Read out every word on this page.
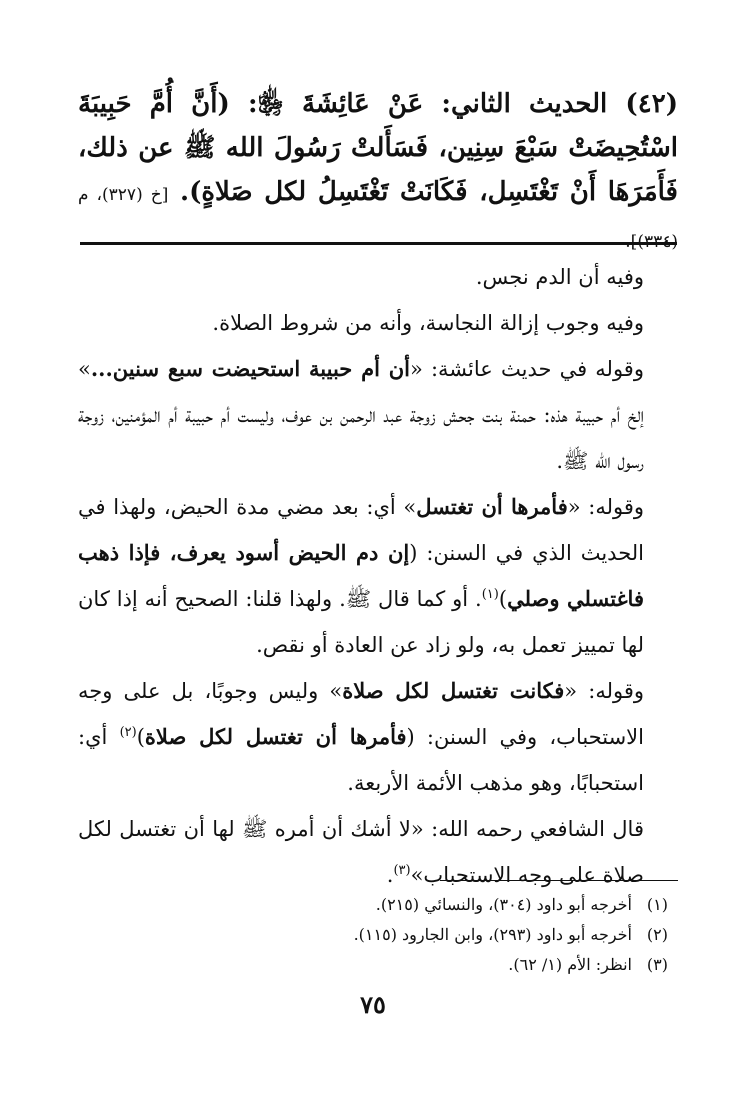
(٤٢) الحديث الثاني: عَنْ عَائِشَةَ ﵂: (أَنَّ أُمَّ حَبِيبَةَ اسْتُحِيضَتْ سَبْعَ سِنِين، فَسَأَلتْ رَسُولَ الله ﷺ عن ذلك، فَأَمَرَهَا أَنْ تَغْتَسِل، فَكَانَتْ تَغْتَسِلُ لكل صَلاةٍ). [خ (٣٢٧)، م (٣٣٤)].

وفيه أن الدم نجس.

وفيه وجوب إزالة النجاسة، وأنه من شروط الصلاة.

وقوله في حديث عائشة: «أن أم حبيبة استحيضت سبع سنين...» إلخ أم حبيبة هذه: حمنة بنت جحش زوجة عبد الرحمن بن عوف، وليست أم حبيبة أم المؤمنين، زوجة رسول الله ﷺ.

وقوله: «فأمرها أن تغتسل» أي: بعد مضي مدة الحيض، ولهذا في الحديث الذي في السنن: (إن دم الحيض أسود يعرف، فإذا ذهب فاغتسلي وصلي)$^{(١)}$. أو كما قال ﷺ. ولهذا قلنا: الصحيح أنه إذا كان لها تمييز تعمل به، ولو زاد عن العادة أو نقص.

وقوله: «فكانت تغتسل لكل صلاة» وليس وجوبًا، بل على وجه الاستحباب، وفي السنن: (فأمرها أن تغتسل لكل صلاة)$^{(٢)}$ أي: استحبابًا، وهو مذهب الأئمة الأربعة.

قال الشافعي رحمه الله: «لا أشك أن أمره ﷺ لها أن تغتسل لكل صلاة على وجه الاستحباب»$^{(٣)}$.

(١)أخرجه أبو داود (٣٠٤)، والنسائي (٢١٥).

(٢)أخرجه أبو داود (٢٩٣)، وابن الجارود (١١٥).

(٣)انظر: الأم (١/ ٦٢).

٧٥
